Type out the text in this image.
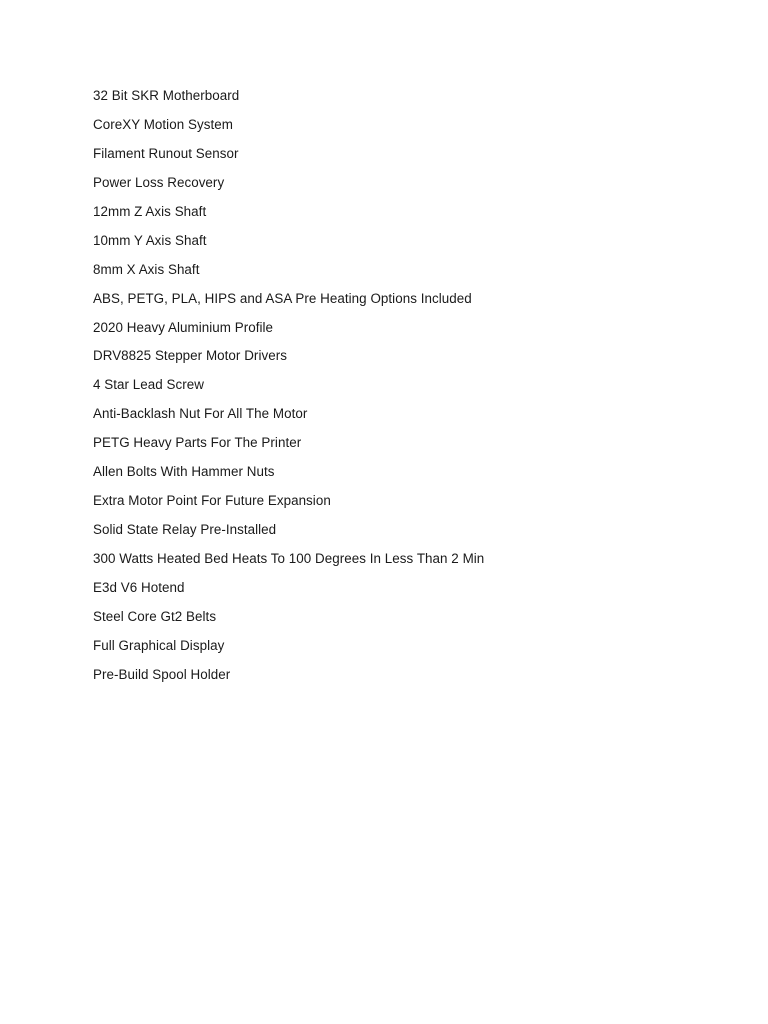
32 Bit SKR Motherboard
CoreXY Motion System
Filament Runout Sensor
Power Loss Recovery
12mm Z Axis Shaft
10mm Y Axis Shaft
8mm X Axis Shaft
ABS, PETG, PLA, HIPS and ASA Pre Heating Options Included
2020 Heavy Aluminium Profile
DRV8825 Stepper Motor Drivers
4 Star Lead Screw
Anti-Backlash Nut For All The Motor
PETG Heavy Parts For The Printer
Allen Bolts With Hammer Nuts
Extra Motor Point For Future Expansion
Solid State Relay Pre-Installed
300 Watts Heated Bed Heats To 100 Degrees In Less Than 2 Min
E3d V6 Hotend
Steel Core Gt2 Belts
Full Graphical Display
Pre-Build Spool Holder
